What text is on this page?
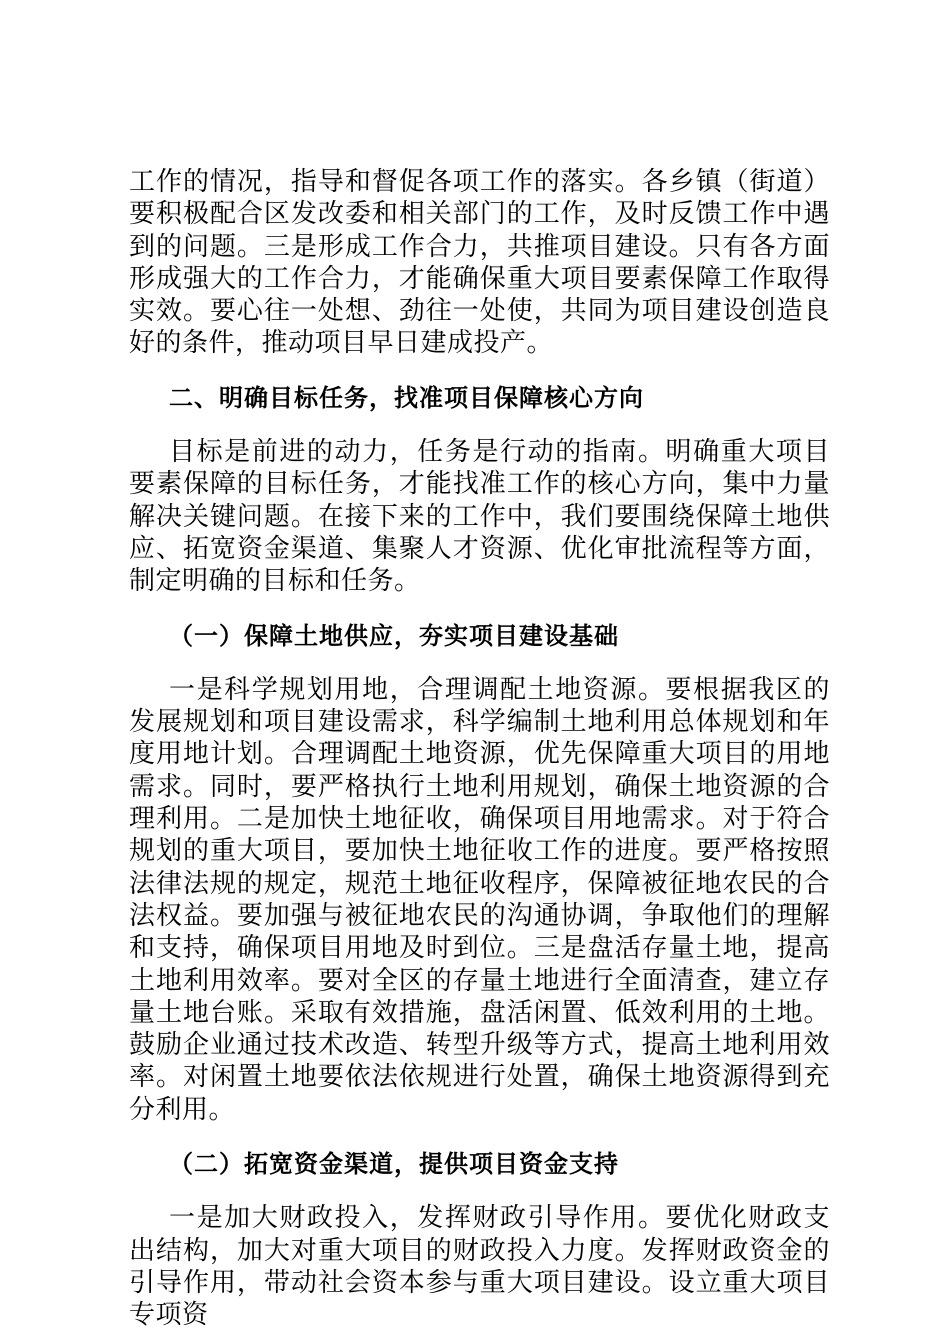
工作的情况，指导和督促各项工作的落实。各乡镇（街道）要积极配合区发改委和相关部门的工作，及时反馈工作中遇到的问题。三是形成工作合力，共推项目建设。只有各方面形成强大的工作合力，才能确保重大项目要素保障工作取得实效。要心往一处想、劲往一处使，共同为项目建设创造良好的条件，推动项目早日建成投产。

二、明确目标任务，找准项目保障核心方向

目标是前进的动力，任务是行动的指南。明确重大项目要素保障的目标任务，才能找准工作的核心方向，集中力量解决关键问题。在接下来的工作中，我们要围绕保障土地供应、拓宽资金渠道、集聚人才资源、优化审批流程等方面，制定明确的目标和任务。

（一）保障土地供应，夯实项目建设基础

一是科学规划用地，合理调配土地资源。要根据我区的发展规划和项目建设需求，科学编制土地利用总体规划和年度用地计划。合理调配土地资源，优先保障重大项目的用地需求。同时，要严格执行土地利用规划，确保土地资源的合理利用。二是加快土地征收，确保项目用地需求。对于符合规划的重大项目，要加快土地征收工作的进度。要严格按照法律法规的规定，规范土地征收程序，保障被征地农民的合法权益。要加强与被征地农民的沟通协调，争取他们的理解和支持，确保项目用地及时到位。三是盘活存量土地，提高土地利用效率。要对全区的存量土地进行全面清查，建立存量土地台账。采取有效措施，盘活闲置、低效利用的土地。鼓励企业通过技术改造、转型升级等方式，提高土地利用效率。对闲置土地要依法依规进行处置，确保土地资源得到充分利用。

（二）拓宽资金渠道，提供项目资金支持

一是加大财政投入，发挥财政引导作用。要优化财政支出结构，加大对重大项目的财政投入力度。发挥财政资金的引导作用，带动社会资本参与重大项目建设。设立重大项目专项资
